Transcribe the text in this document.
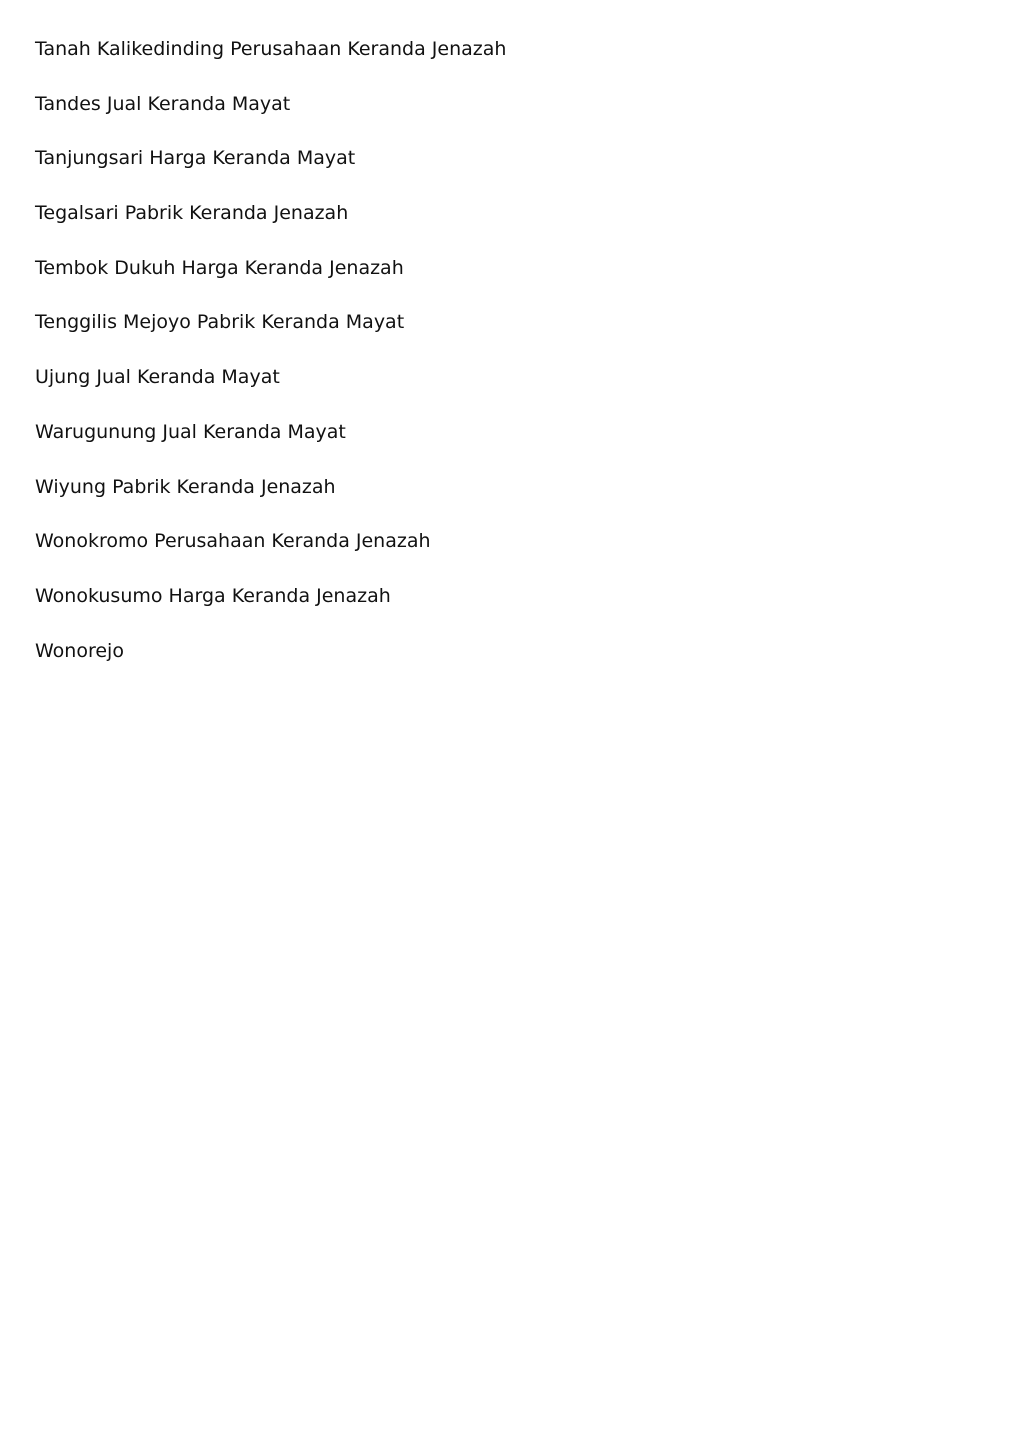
Tanah Kalikedinding Perusahaan Keranda Jenazah
Tandes Jual Keranda Mayat
Tanjungsari Harga Keranda Mayat
Tegalsari Pabrik Keranda Jenazah
Tembok Dukuh Harga Keranda Jenazah
Tenggilis Mejoyo Pabrik Keranda Mayat
Ujung Jual Keranda Mayat
Warugunung Jual Keranda Mayat
Wiyung Pabrik Keranda Jenazah
Wonokromo Perusahaan Keranda Jenazah
Wonokusumo Harga Keranda Jenazah
Wonorejo
